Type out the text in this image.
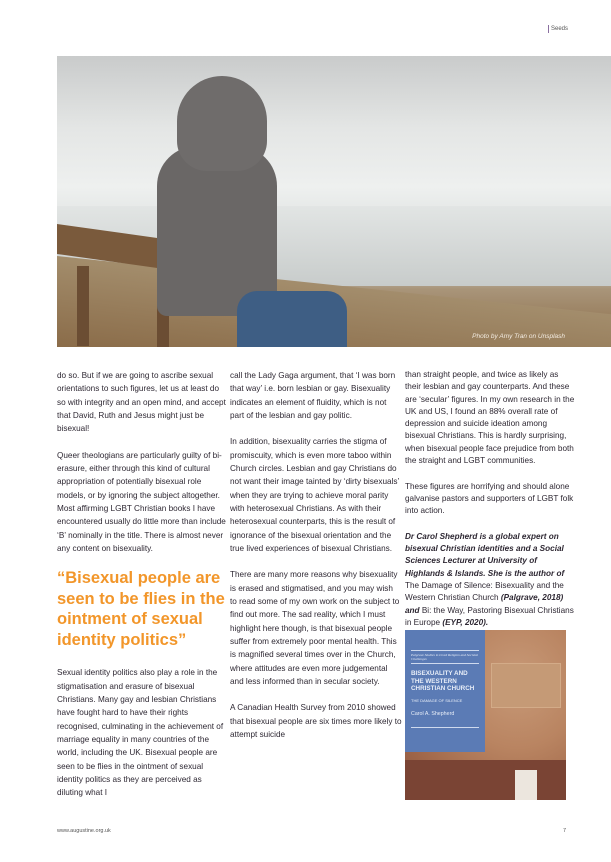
Seeds
Photo by Amy Tran on Unsplash

do so. But if we are going to ascribe sexual orientations to such figures, let us at least do so with integrity and an open mind, and accept that David, Ruth and Jesus might just be bisexual!

Queer theologians are particularly guilty of bi-erasure, either through this kind of cultural appropriation of potentially bisexual role models, or by ignoring the subject altogether. Most affirming LGBT Christian books I have encountered usually do little more than include ‘B’ nominally in the title. There is almost never any content on bisexuality.

“Bisexual people are seen to be flies in the ointment of sexual identity politics”

Sexual identity politics also play a role in the stigmatisation and erasure of bisexual Christians. Many gay and lesbian Christians have fought hard to have their rights recognised, culminating in the achievement of marriage equality in many countries of the world, including the UK. Bisexual people are seen to be flies in the ointment of sexual identity politics as they are perceived as diluting what I

call the Lady Gaga argument, that ‘I was born that way’ i.e. born lesbian or gay. Bisexuality indicates an element of fluidity, which is not part of the lesbian and gay politic.

In addition, bisexuality carries the stigma of promiscuity, which is even more taboo within Church circles. Lesbian and gay Christians do not want their image tainted by ‘dirty bisexuals’ when they are trying to achieve moral parity with heterosexual Christians. As with their heterosexual counterparts, this is the result of ignorance of the bisexual orientation and the true lived experiences of bisexual Christians.

There are many more reasons why bisexuality is erased and stigmatised, and you may wish to read some of my own work on the subject to find out more. The sad reality, which I must highlight here though, is that bisexual people suffer from extremely poor mental health. This is magnified several times over in the Church, where attitudes are even more judgemental and less informed than in secular society.

A Canadian Health Survey from 2010 showed that bisexual people are six times more likely to attempt suicide

than straight people, and twice as likely as their lesbian and gay counterparts. And these are ‘secular’ figures. In my own research in the UK and US, I found an 88% overall rate of depression and suicide ideation among bisexual Christians. This is hardly surprising, when bisexual people face prejudice from both the straight and LGBT communities.

These figures are horrifying and should alone galvanise pastors and supporters of LGBT folk into action.

Dr Carol Shepherd is a global expert on bisexual Christian identities and a Social Sciences Lecturer at University of Highlands & Islands. She is the author of The Damage of Silence: Bisexuality and the Western Christian Church (Palgrave, 2018) and Bi: the Way, Pastoring Bisexual Christians in Europe (EYP, 2020).

Palgrave Studies in Lived Religion and Societal Challenges
BISEXUALITY AND THE WESTERN CHRISTIAN CHURCH
THE DAMAGE OF SILENCE
Carol A. Shepherd
www.augustine.org.uk	7
